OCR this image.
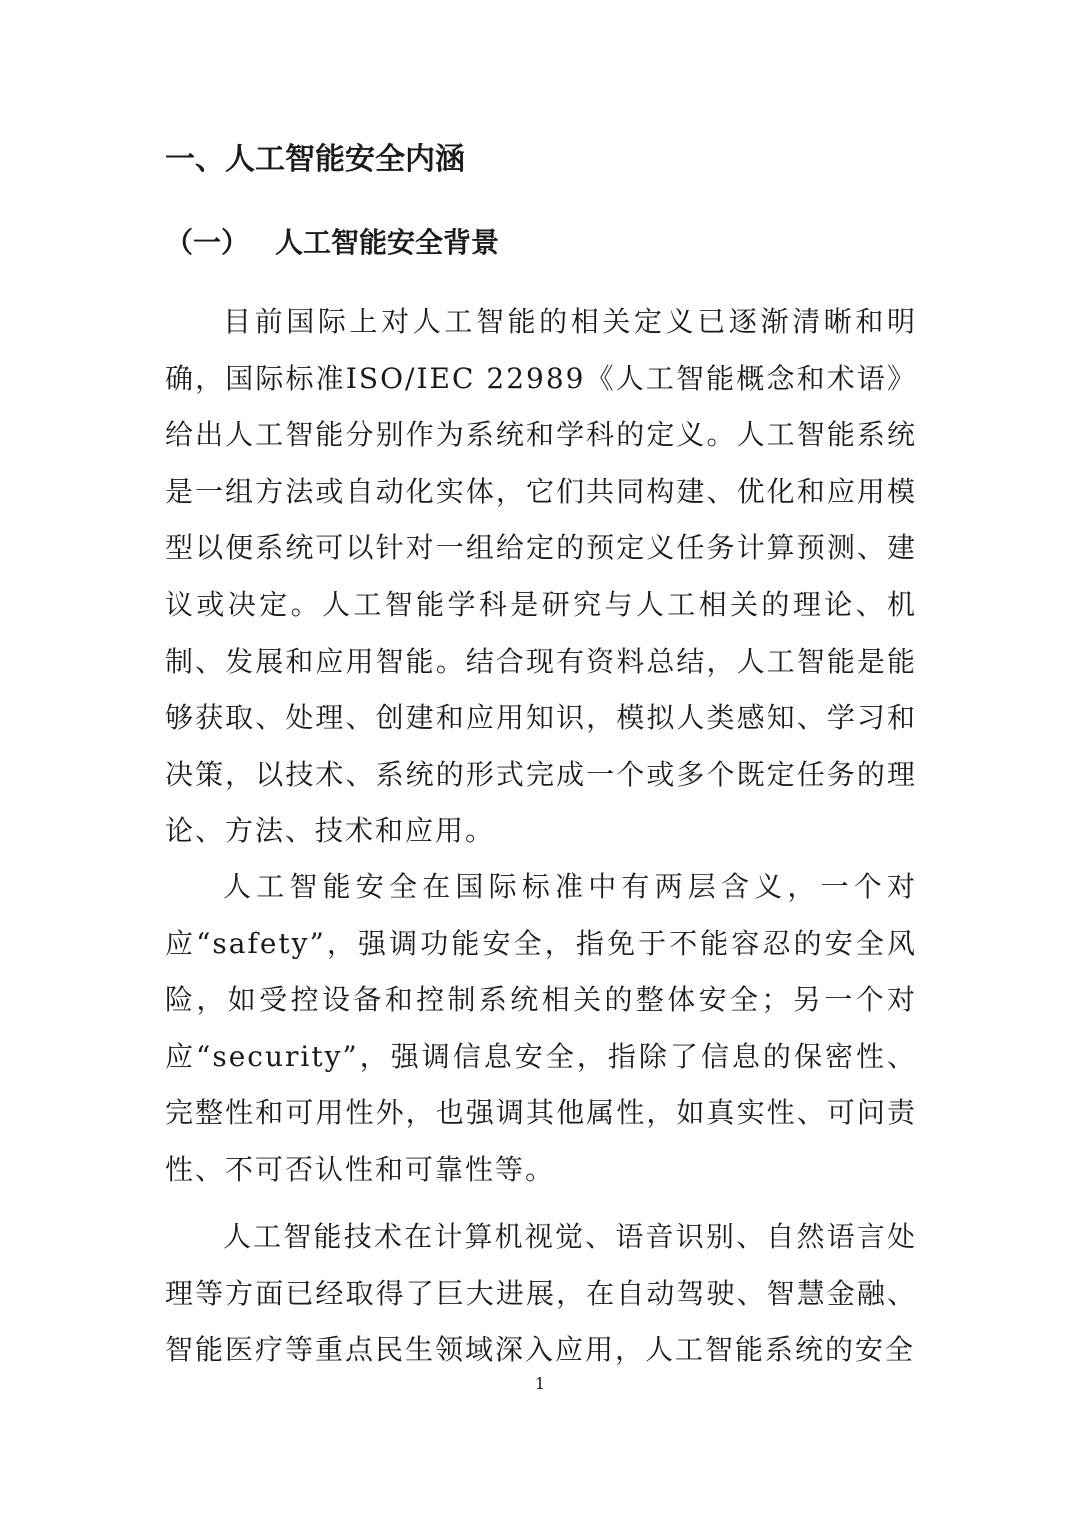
一、人工智能安全内涵
（一） 人工智能安全背景

目前国际上对人工智能的相关定义已逐渐清晰和明确，国际标准ISO/IEC 22989《人工智能概念和术语》给出人工智能分别作为系统和学科的定义。人工智能系统是一组方法或自动化实体，它们共同构建、优化和应用模型以便系统可以针对一组给定的预定义任务计算预测、建议或决定。人工智能学科是研究与人工相关的理论、机制、发展和应用智能。结合现有资料总结，人工智能是能够获取、处理、创建和应用知识，模拟人类感知、学习和决策，以技术、系统的形式完成一个或多个既定任务的理论、方法、技术和应用。

人工智能安全在国际标准中有两层含义，一个对应“safety”，强调功能安全，指免于不能容忍的安全风险，如受控设备和控制系统相关的整体安全；另一个对应“security”，强调信息安全，指除了信息的保密性、完整性和可用性外，也强调其他属性，如真实性、可问责性、不可否认性和可靠性等。

人工智能技术在计算机视觉、语音识别、自然语言处理等方面已经取得了巨大进展，在自动驾驶、智慧金融、智能医疗等重点民生领域深入应用，人工智能系统的安全

1
